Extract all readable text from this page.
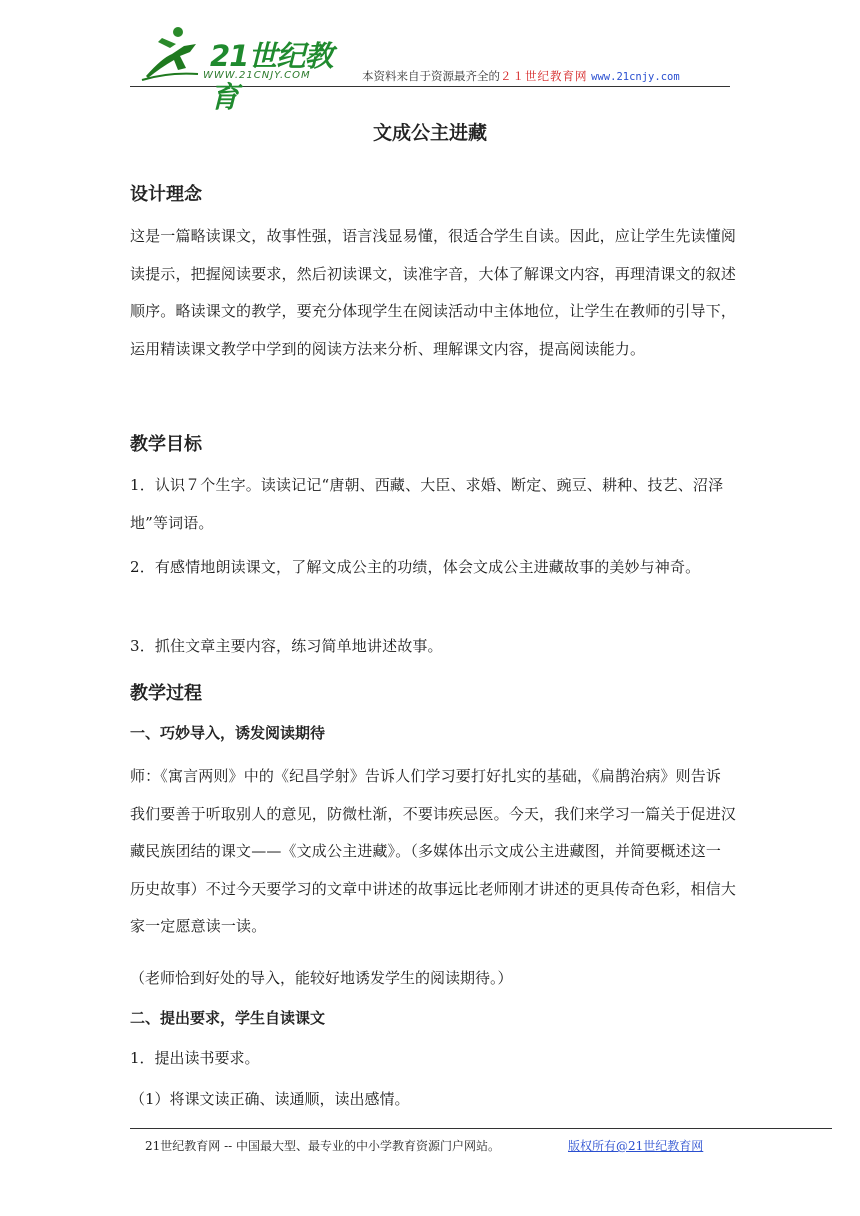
21世纪教育
WWW.21CNJY.COM	本资料来自于资源最齐全的２１世纪教育网 www.21cnjy.com
文成公主进藏
设计理念

这是一篇略读课文，故事性强，语言浅显易懂，很适合学生自读。因此，应让学生先读懂阅读提示，把握阅读要求，然后初读课文，读准字音，大体了解课文内容，再理清课文的叙述顺序。略读课文的教学，要充分体现学生在阅读活动中主体地位，让学生在教师的引导下，运用精读课文教学中学到的阅读方法来分析、理解课文内容，提高阅读能力。

教学目标

1．认识７个生字。读读记记“唐朝、西藏、大臣、求婚、断定、豌豆、耕种、技艺、沼泽地”等词语。

2．有感情地朗读课文，了解文成公主的功绩，体会文成公主进藏故事的美妙与神奇。

3．抓住文章主要内容，练习简单地讲述故事。

教学过程
一、巧妙导入，诱发阅读期待

师：《寓言两则》中的《纪昌学射》告诉人们学习要打好扎实的基础，《扁鹊治病》则告诉我们要善于听取别人的意见，防微杜渐，不要讳疾忌医。今天，我们来学习一篇关于促进汉藏民族团结的课文——《文成公主进藏》。（多媒体出示文成公主进藏图，并简要概述这一历史故事）不过今天要学习的文章中讲述的故事远比老师刚才讲述的更具传奇色彩，相信大家一定愿意读一读。

（老师恰到好处的导入，能较好地诱发学生的阅读期待。）
二、提出要求，学生自读课文
1．提出读书要求。
（1）将课文读正确、读通顺，读出感情。
21世纪教育网 -- 中国最大型、最专业的中小学教育资源门户网站。	版权所有@21世纪教育网
